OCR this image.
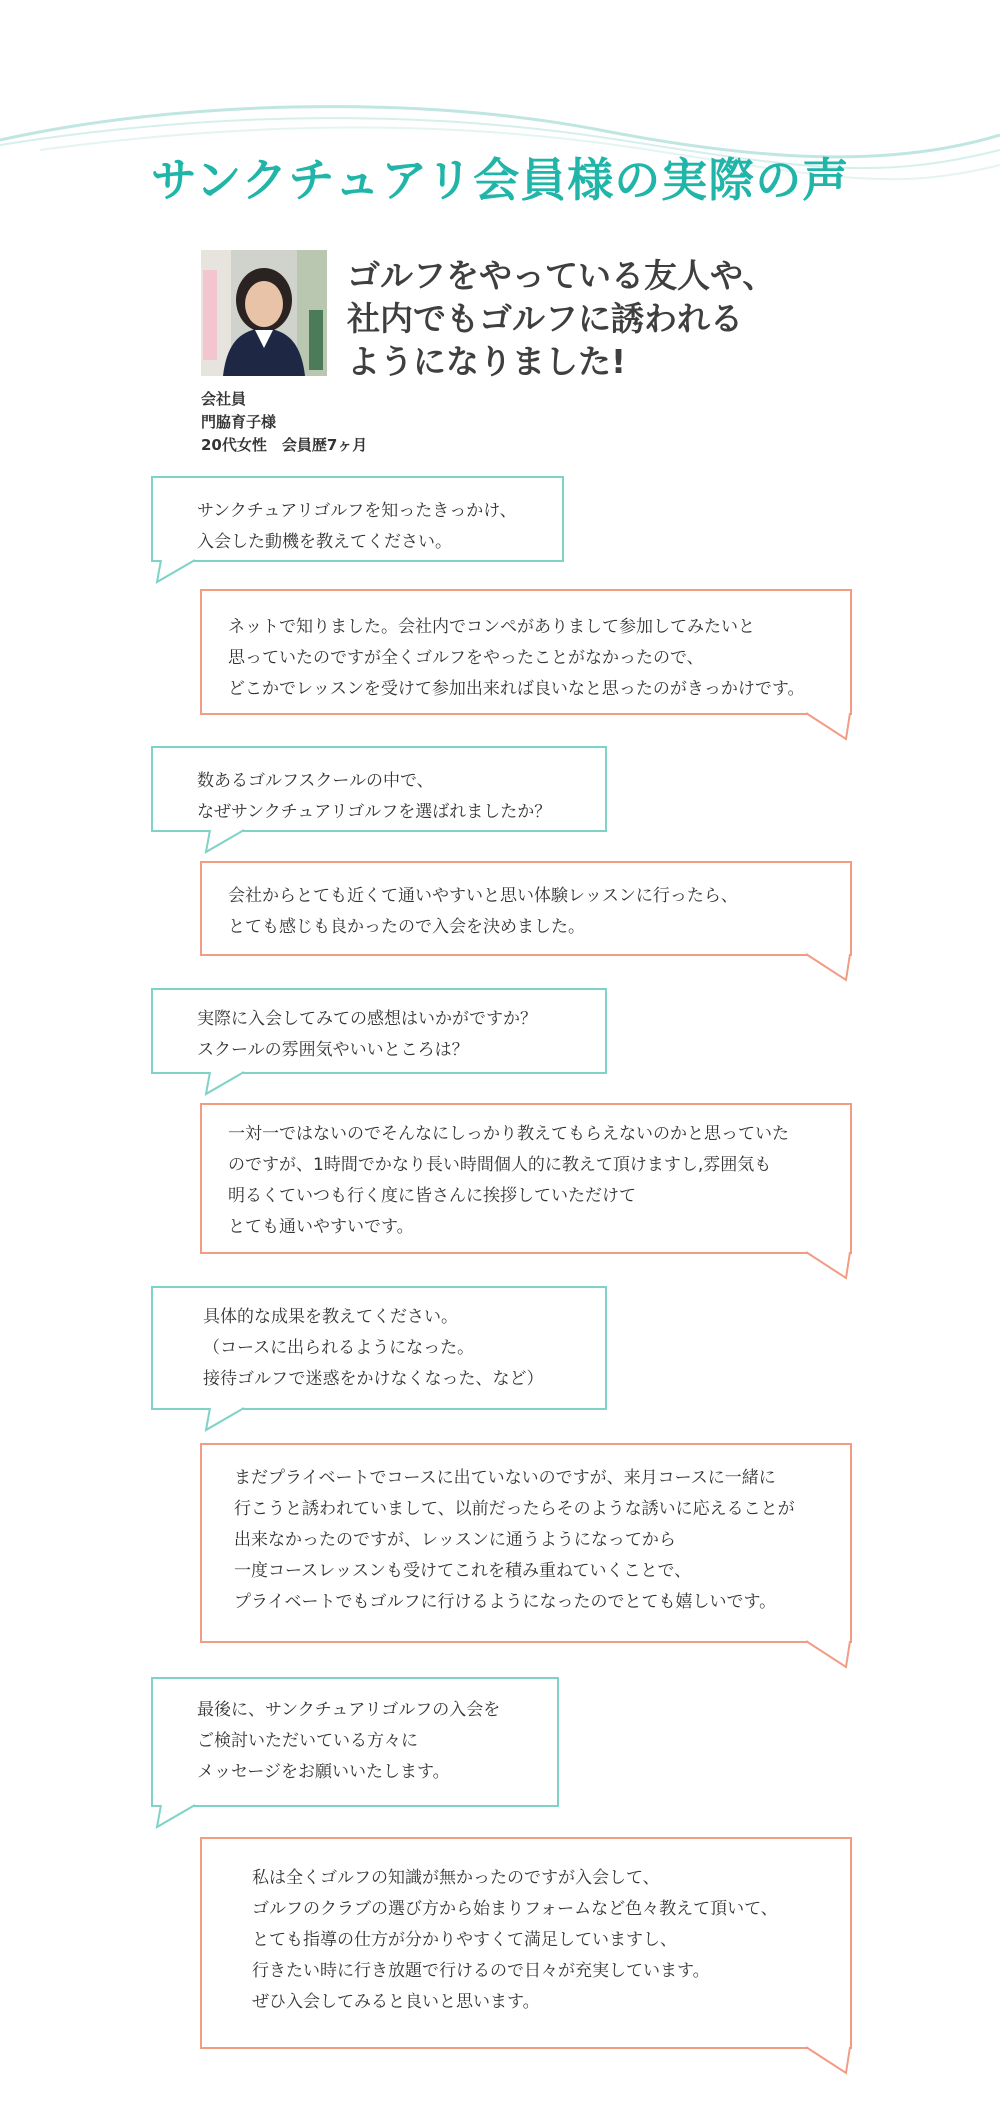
サンクチュアリ会員様の実際の声
ゴルフをやっている友人や、
社内でもゴルフに誘われる
ようになりました!
会社員
門脇育子様
20代女性　会員歴7ヶ月
サンクチュアリゴルフを知ったきっかけ、
入会した動機を教えてください。
ネットで知りました。会社内でコンペがありまして参加してみたいと
思っていたのですが全くゴルフをやったことがなかったので、
どこかでレッスンを受けて参加出来れば良いなと思ったのがきっかけです。
数あるゴルフスクールの中で、
なぜサンクチュアリゴルフを選ばれましたか？
会社からとても近くて通いやすいと思い体験レッスンに行ったら、
とても感じも良かったので入会を決めました。
実際に入会してみての感想はいかがですか？
スクールの雰囲気やいいところは？
一対一ではないのでそんなにしっかり教えてもらえないのかと思っていた
のですが、1時間でかなり長い時間個人的に教えて頂けますし,雰囲気も
明るくていつも行く度に皆さんに挨拶していただけて
とても通いやすいです。
具体的な成果を教えてください。
（コースに出られるようになった。
接待ゴルフで迷惑をかけなくなった、など）
まだプライベートでコースに出ていないのですが、来月コースに一緒に
行こうと誘われていまして、以前だったらそのような誘いに応えることが
出来なかったのですが、レッスンに通うようになってから
一度コースレッスンも受けてこれを積み重ねていくことで、
プライベートでもゴルフに行けるようになったのでとても嬉しいです。
最後に、サンクチュアリゴルフの入会を
ご検討いただいている方々に
メッセージをお願いいたします。
私は全くゴルフの知識が無かったのですが入会して、
ゴルフのクラブの選び方から始まりフォームなど色々教えて頂いて、
とても指導の仕方が分かりやすくて満足していますし、
行きたい時に行き放題で行けるので日々が充実しています。
ぜひ入会してみると良いと思います。
